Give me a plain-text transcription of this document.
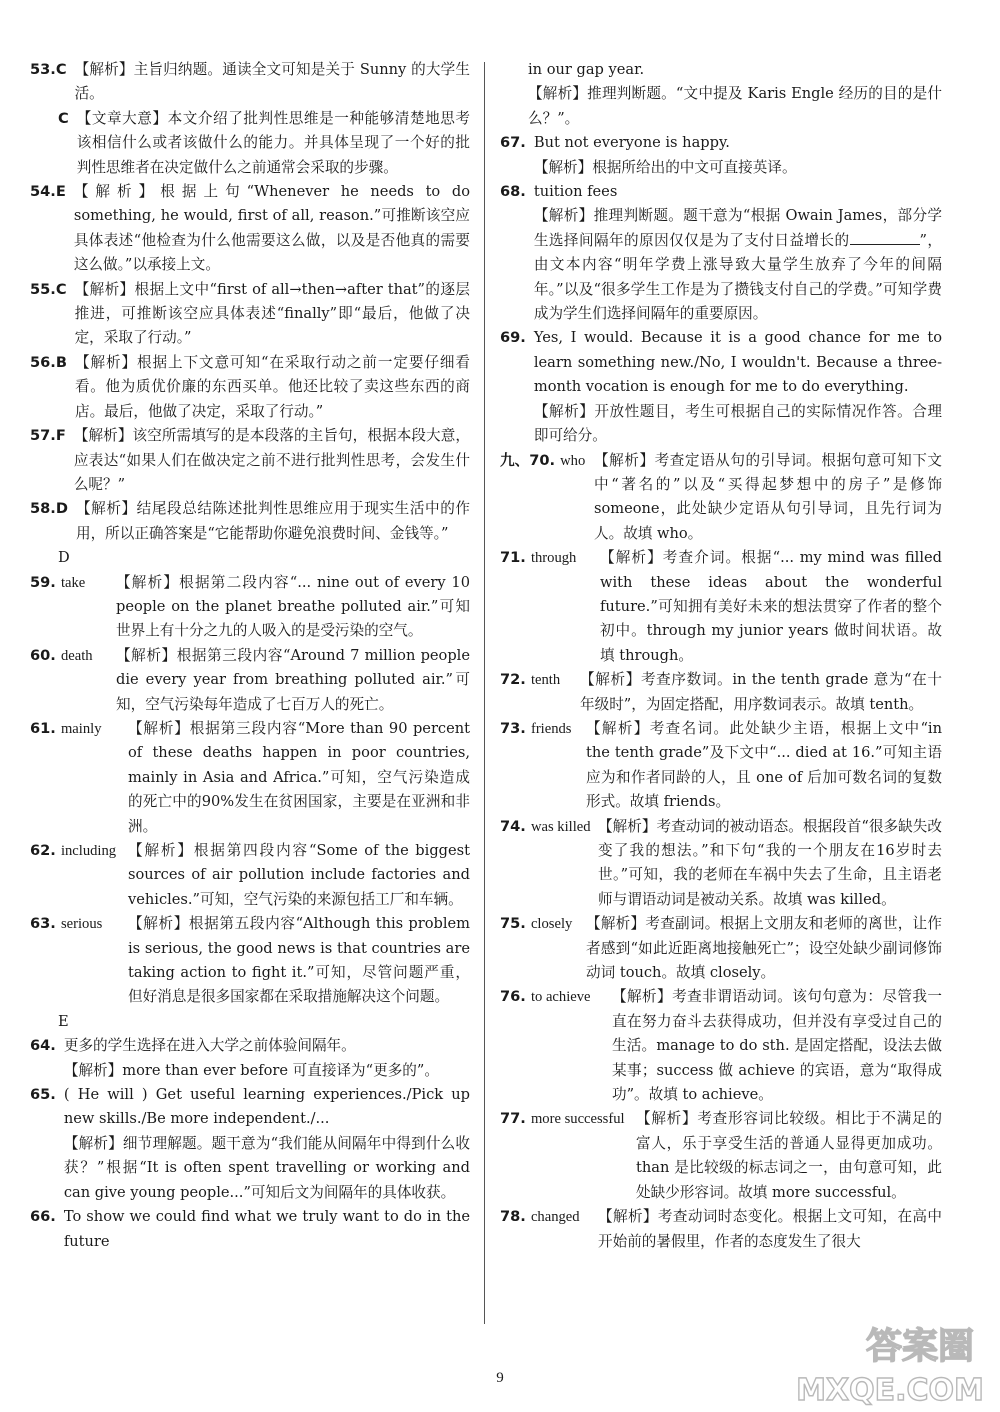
53.C 【解析】主旨归纳题。通读全文可知是关于 Sunny 的大学生活。
C 【文章大意】本文介绍了批判性思维是一种能够清楚地思考该相信什么或者该做什么的能力。并具体呈现了一个好的批判性思维者在决定做什么之前通常会采取的步骤。
54.E 【解析】根据上句“Whenever he needs to do something, he would, first of all, reason.”可推断该空应具体表述“他检查为什么他需要这么做，以及是否他真的需要这么做。”以承接上文。
55.C 【解析】根据上文中“first of all→then→after that”的逐层推进，可推断该空应具体表述“finally”即“最后，他做了决定，采取了行动。”
56.B 【解析】根据上下文意可知“在采取行动之前一定要仔细看看。他为质优价廉的东西买单。他还比较了卖这些东西的商店。最后，他做了决定，采取了行动。”
57.F 【解析】该空所需填写的是本段落的主旨句，根据本段大意，应表达“如果人们在做决定之前不进行批判性思考，会发生什么呢？”
58.D 【解析】结尾段总结陈述批判性思维应用于现实生活中的作用，所以正确答案是“它能帮助你避免浪费时间、金钱等。”
D
59. take	【解析】根据第二段内容“... nine out of every 10 people on the planet breathe polluted air.”可知世界上有十分之九的人吸入的是受污染的空气。
60. death	【解析】根据第三段内容“Around 7 million people die every year from breathing polluted air.”可知，空气污染每年造成了七百万人的死亡。
61. mainly	【解析】根据第三段内容“More than 90 percent of these deaths happen in poor countries, mainly in Asia and Africa.”可知，空气污染造成的死亡中的90%发生在贫困国家，主要是在亚洲和非洲。
62. including 【解析】根据第四段内容“Some of the biggest sources of air pollution include factories and vehicles.”可知，空气污染的来源包括工厂和车辆。
63. serious	【解析】根据第五段内容“Although this problem is serious, the good news is that countries are taking action to fight it.”可知，尽管问题严重，但好消息是很多国家都在采取措施解决这个问题。
E
64. 更多的学生选择在进入大学之前体验间隔年。
【解析】more than ever before 可直接译为“更多的”。
65. ( He will ) Get useful learning experiences./Pick up new skills./Be more independent./...
【解析】细节理解题。题干意为“我们能从间隔年中得到什么收获？”根据“It is often spent travelling or working and can give young people...”可知后文为间隔年的具体收获。
66. To show we could find what we truly want to do in the future
in our gap year.
【解析】推理判断题。“文中提及 Karis Engle 经历的目的是什么？”。
67. But not everyone is happy.
【解析】根据所给出的中文可直接英译。
68. tuition fees
【解析】推理判断题。题干意为“根据 Owain James，部分学生选择间隔年的原因仅仅是为了支付日益增长的	”，由文本内容“明年学费上涨导致大量学生放弃了今年的间隔年。”以及“很多学生工作是为了攒钱支付自己的学费。”可知学费成为学生们选择间隔年的重要原因。
69. Yes, I would. Because it is a good chance for me to learn something new./No, I wouldn't. Because a three-month vocation is enough for me to do everything.
【解析】开放性题目，考生可根据自己的实际情况作答。合理即可给分。
九、70. who 【解析】考查定语从句的引导词。根据句意可知下文中“著名的”以及“买得起梦想中的房子”是修饰 someone，此处缺少定语从句引导词，且先行词为人。故填 who。
71. through	【解析】考查介词。根据“... my mind was filled with these ideas about the wonderful future.”可知拥有美好未来的想法贯穿了作者的整个初中。through my junior years 做时间状语。故填 through。
72. tenth	【解析】考查序数词。in the tenth grade 意为“在十年级时”，为固定搭配，用序数词表示。故填 tenth。
73. friends 【解析】考查名词。此处缺少主语，根据上文中“in the tenth grade”及下文中“... died at 16.”可知主语应为和作者同龄的人，且 one of 后加可数名词的复数形式。故填 friends。
74. was killed 【解析】考查动词的被动语态。根据段首“很多缺失改变了我的想法。”和下句“我的一个朋友在16岁时去世。”可知，我的老师在车祸中失去了生命，且主语老师与谓语动词是被动关系。故填 was killed。
75. closely 【解析】考查副词。根据上文朋友和老师的离世，让作者感到“如此近距离地接触死亡”；设空处缺少副词修饰动词 touch。故填 closely。
76. to achieve	【解析】考查非谓语动词。该句句意为：尽管我一直在努力奋斗去获得成功，但并没有享受过自己的生活。manage to do sth. 是固定搭配，设法去做某事；success 做 achieve 的宾语，意为“取得成功”。故填 to achieve。
77. more successful 【解析】考查形容词比较级。相比于不满足的富人，乐于享受生活的普通人显得更加成功。than 是比较级的标志词之一，由句意可知，此处缺少形容词。故填 more successful。
78. changed	【解析】考查动词时态变化。根据上文可知，在高中开始前的暑假里，作者的态度发生了很大
9
答案圈
MXQE.COM
